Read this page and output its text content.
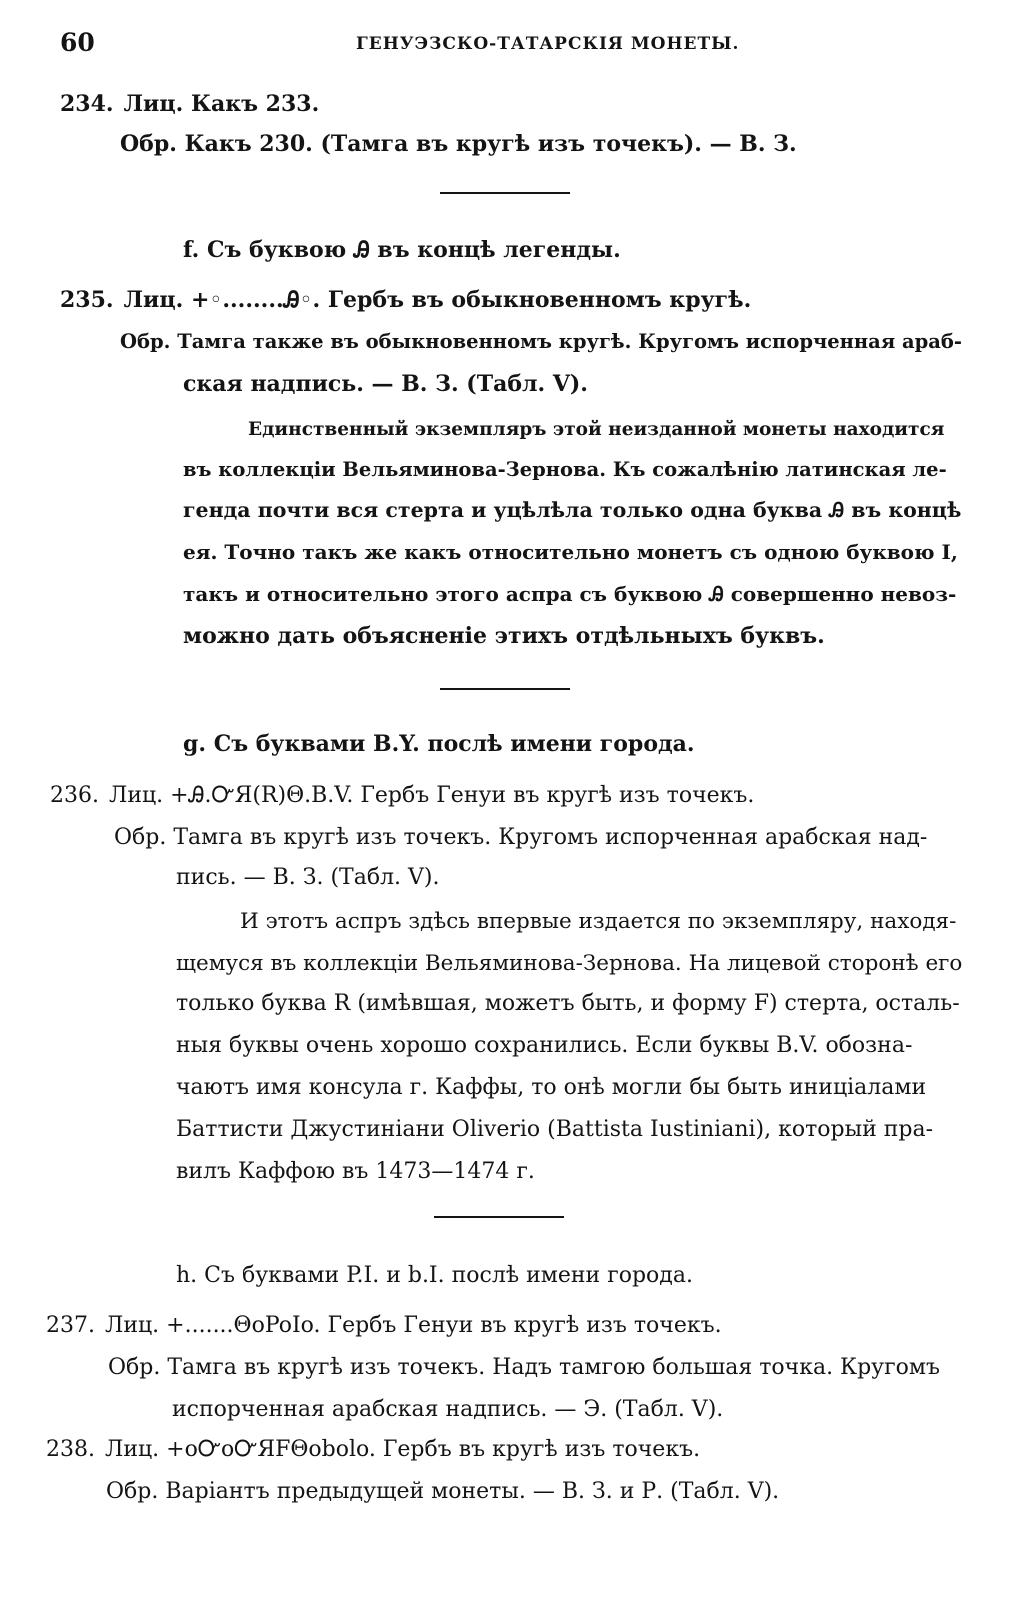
60	ГЕНУЭЗСКО-ТАТАРСКІЯ МОНЕТЫ.
234. Лиц. Какъ 233.
Обр. Какъ 230. (Тамга въ кругѣ изъ точекъ). — В. З.
f. Съ буквою Ꭿ въ концѣ легенды.
235. Лиц. +◦........Ꭿ◦. Гербъ въ обыкновенномъ кругѣ.
Обр. Тамга также въ обыкновенномъ кругѣ. Кругомъ испорченная араб-
ская надпись. — В. З. (Табл. V).
Единственный экземпляръ этой неизданной монеты находится
въ коллекціи Вельяминова-Зернова. Къ сожалѣнію латинская ле-
генда почти вся стерта и уцѣлѣла только одна буква Ꭿ въ концѣ
ея. Точно такъ же какъ относительно монетъ съ одною буквою I,
такъ и относительно этого аспра съ буквою Ꭿ совершенно невоз-
можно дать объясненіе этихъ отдѣльныхъ буквъ.
g. Съ буквами B.Y. послѣ имени города.
236. Лиц. +Ꭿ.ᏅЯ(R)Θ.B.V. Гербъ Генуи въ кругѣ изъ точекъ.
Обр. Тамга въ кругѣ изъ точекъ. Кругомъ испорченная арабская над-
пись. — В. З. (Табл. V).
И этотъ аспръ здѣсь впервые издается по экземпляру, находя-
щемуся въ коллекціи Вельяминова-Зернова. На лицевой сторонѣ его
только буква R (имѣвшая, можетъ быть, и форму F) стерта, осталь-
ныя буквы очень хорошо сохранились. Если буквы B.V. обозна-
чаютъ имя консула г. Каффы, то онѣ могли бы быть иниціалами
Баттисти Джустиніани Oliverio (Battista Iustiniani), который пра-
вилъ Каффою въ 1473—1474 г.
h. Съ буквами P.I. и b.I. послѣ имени города.
237. Лиц. +.......ΘoPoIo. Гербъ Генуи въ кругѣ изъ точекъ.
Обр. Тамга въ кругѣ изъ точекъ. Надъ тамгою большая точка. Кругомъ
испорченная арабская надпись. — Э. (Табл. V).
238. Лиц. +oᏅoᏅЯFΘobolo. Гербъ въ кругѣ изъ точекъ.
Обр. Варіантъ предыдущей монеты. — В. З. и Р. (Табл. V).
